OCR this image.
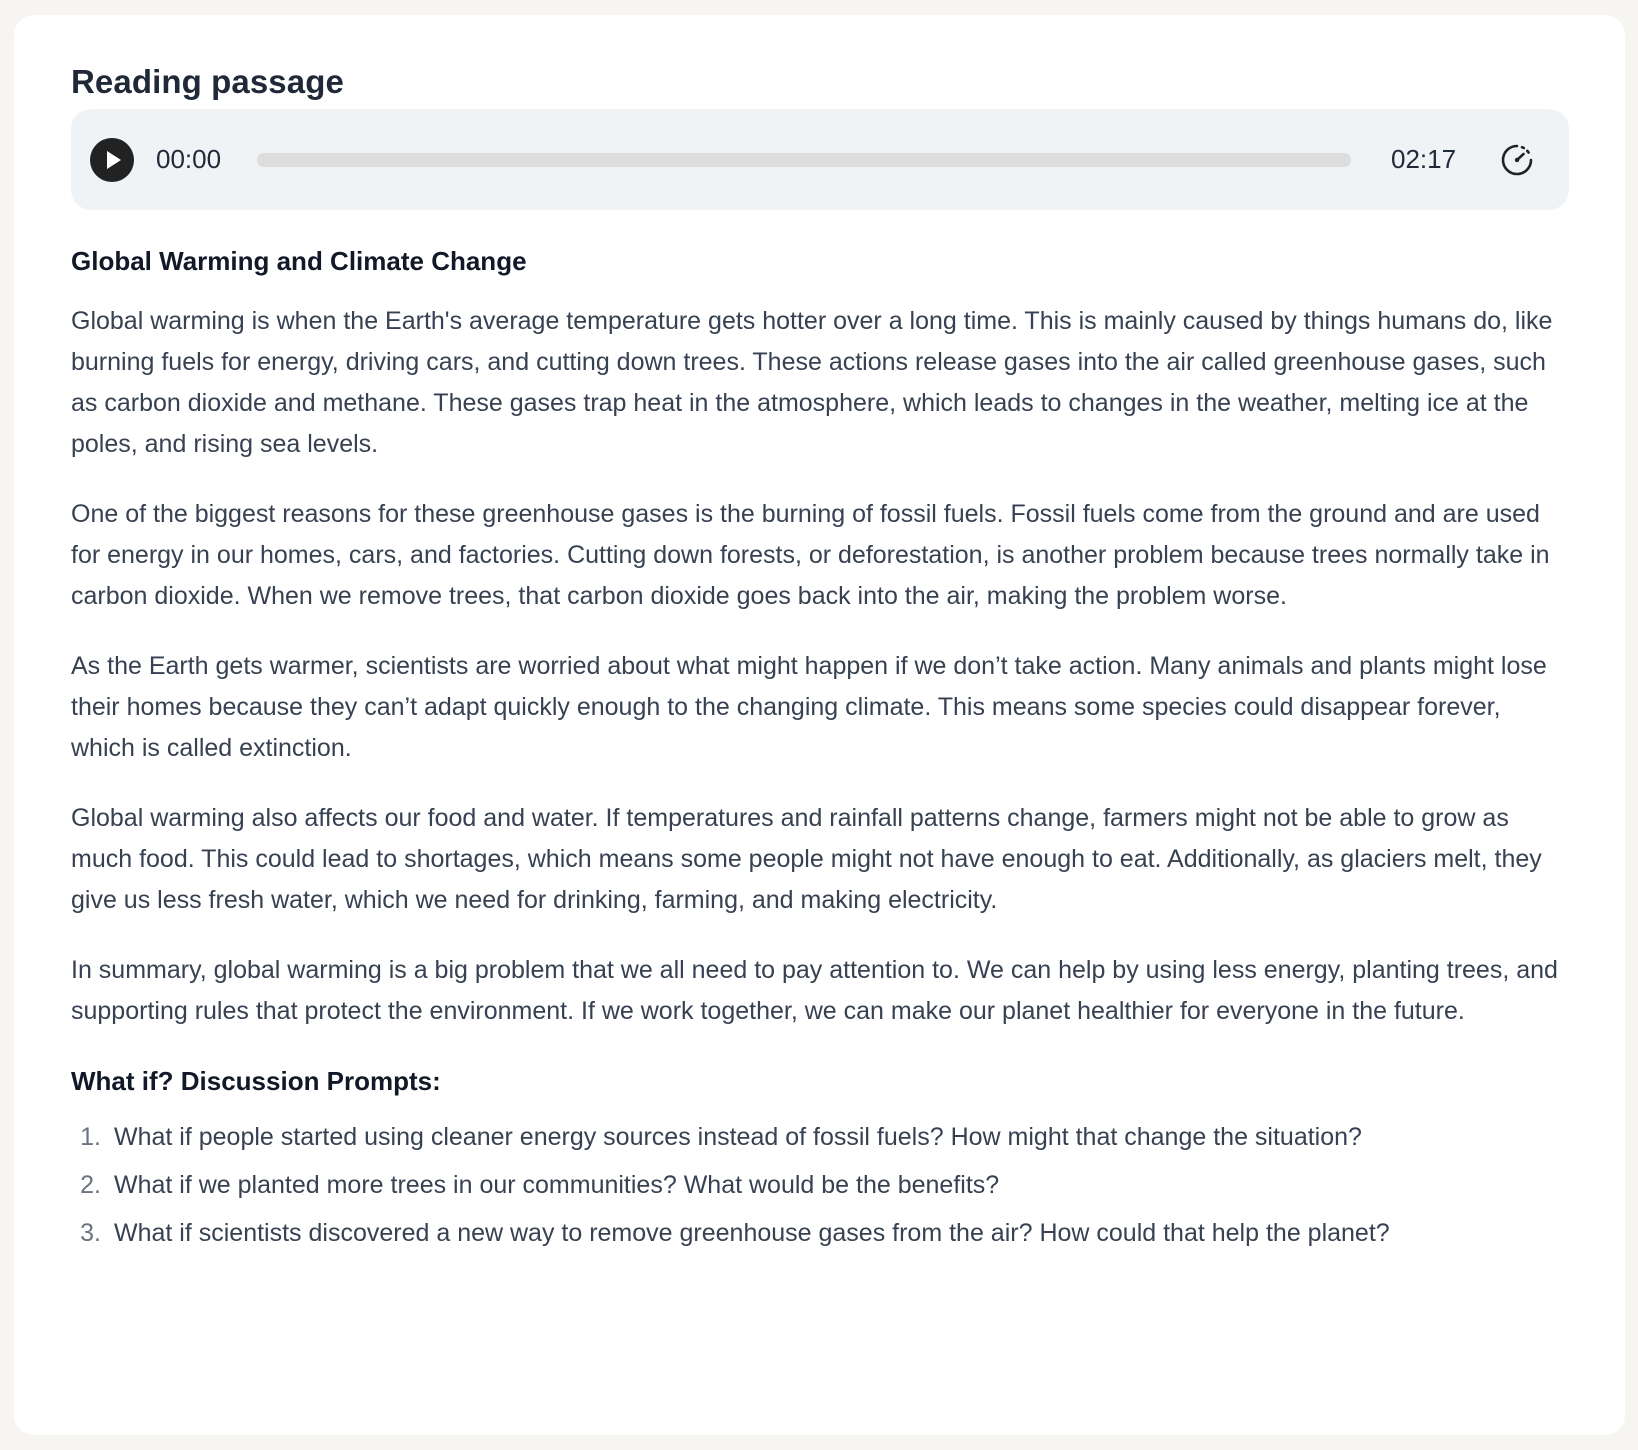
Reading passage
00:00	02:17
Global Warming and Climate Change

Global warming is when the Earth's average temperature gets hotter over a long time. This is mainly caused by things humans do, like burning fuels for energy, driving cars, and cutting down trees. These actions release gases into the air called greenhouse gases, such as carbon dioxide and methane. These gases trap heat in the atmosphere, which leads to changes in the weather, melting ice at the poles, and rising sea levels.

One of the biggest reasons for these greenhouse gases is the burning of fossil fuels. Fossil fuels come from the ground and are used for energy in our homes, cars, and factories. Cutting down forests, or deforestation, is another problem because trees normally take in carbon dioxide. When we remove trees, that carbon dioxide goes back into the air, making the problem worse.

As the Earth gets warmer, scientists are worried about what might happen if we don’t take action. Many animals and plants might lose their homes because they can’t adapt quickly enough to the changing climate. This means some species could disappear forever, which is called extinction.

Global warming also affects our food and water. If temperatures and rainfall patterns change, farmers might not be able to grow as much food. This could lead to shortages, which means some people might not have enough to eat. Additionally, as glaciers melt, they give us less fresh water, which we need for drinking, farming, and making electricity.

In summary, global warming is a big problem that we all need to pay attention to. We can help by using less energy, planting trees, and supporting rules that protect the environment. If we work together, we can make our planet healthier for everyone in the future.

What if? Discussion Prompts:
1. What if people started using cleaner energy sources instead of fossil fuels? How might that change the situation?
2. What if we planted more trees in our communities? What would be the benefits?
3. What if scientists discovered a new way to remove greenhouse gases from the air? How could that help the planet?
